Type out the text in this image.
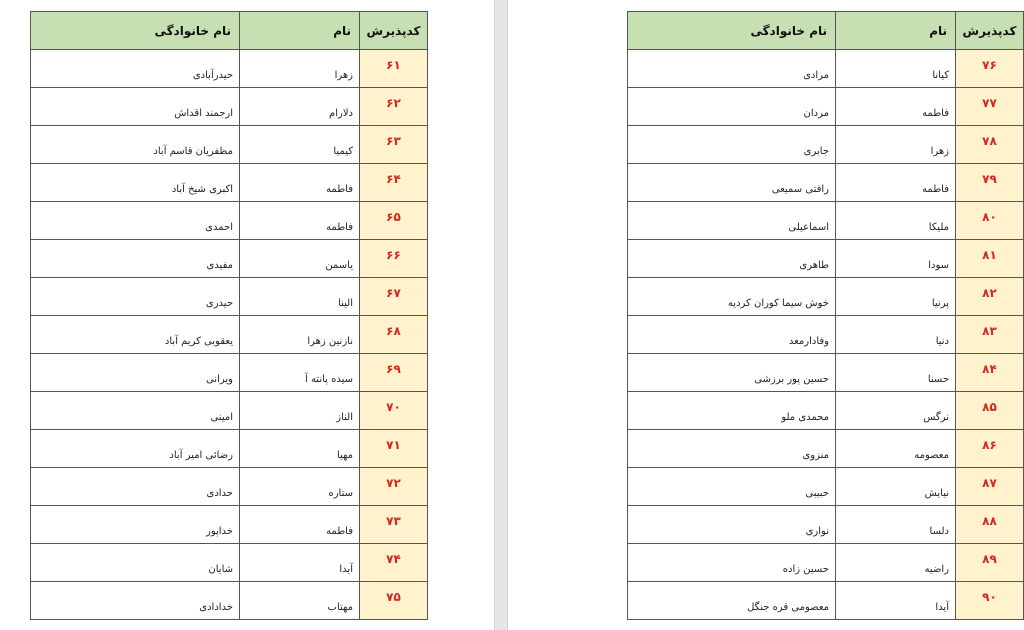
کدپذیرش	نام	نام خانوادگی
۶۱	زهرا	حیدرآبادی
۶۲	دلارام	ارجمند اقداش
۶۳	کیمیا	مظفریان قاسم آباد
۶۴	فاطمه	اکبری شیخ آباد
۶۵	فاطمه	احمدی
۶۶	یاسمن	مفیدی
۶۷	الینا	حیدری
۶۸	نازنین زهرا	یعقوبی کریم آباد
۶۹	سیده پانته آ	ویرانی
۷۰	الناز	امینی
۷۱	مهیا	رضائی امیر آباد
۷۲	ستاره	حدادی
۷۳	فاطمه	خداپور
۷۴	آیدا	شایان
۷۵	مهتاب	خدادادی
کدپذیرش	نام	نام خانوادگی
۷۶	کیانا	مرادی
۷۷	فاطمه	مردان
۷۸	زهرا	جابری
۷۹	فاطمه	رافتی سمیعی
۸۰	ملیکا	اسماعیلی
۸۱	سودا	طاهری
۸۲	پرنیا	خوش سیما کوران کردیه
۸۳	دنیا	وفادارمعد
۸۴	حسنا	حسین پور برزشی
۸۵	نرگس	محمدی ملو
۸۶	معصومه	منزوی
۸۷	نیایش	حبیبی
۸۸	دلسا	نواری
۸۹	راضیه	حسین زاده
۹۰	آیدا	معصومی قره جنگل
